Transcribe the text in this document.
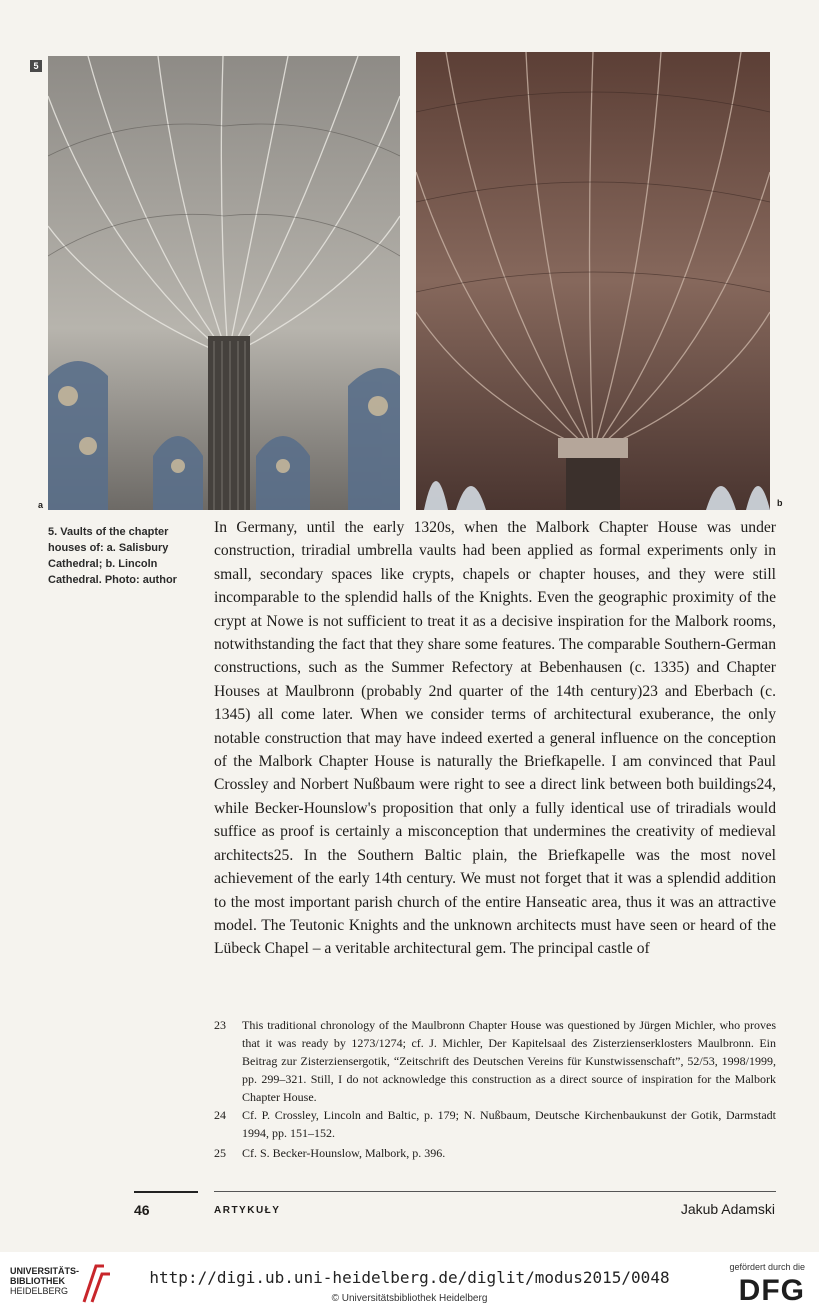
5
a	b
5. Vaults of the chapter houses of: a. Salisbury Cathedral; b. Lincoln Cathedral. Photo: author

In Germany, until the early 1320s, when the Malbork Chapter House was under construction, triradial umbrella vaults had been applied as formal experiments only in small, secondary spaces like crypts, chapels or chapter houses, and they were still incomparable to the splendid halls of the Knights. Even the geographic proximity of the crypt at Nowe is not sufficient to treat it as a decisive inspiration for the Malbork rooms, notwithstanding the fact that they share some features. The comparable Southern-German constructions, such as the Summer Refectory at Bebenhausen (c. 1335) and Chapter Houses at Maulbronn (probably 2nd quarter of the 14th century)23 and Eberbach (c. 1345) all come later. When we consider terms of architectural exuberance, the only notable construction that may have indeed exerted a general influence on the conception of the Malbork Chapter House is naturally the Briefkapelle. I am convinced that Paul Crossley and Norbert Nußbaum were right to see a direct link between both buildings24, while Becker-Hounslow's proposition that only a fully identical use of triradials would suffice as proof is certainly a misconception that undermines the creativity of medieval architects25. In the Southern Baltic plain, the Briefkapelle was the most novel achievement of the early 14th century. We must not forget that it was a splendid addition to the most important parish church of the entire Hanseatic area, thus it was an attractive model. The Teutonic Knights and the unknown architects must have seen or heard of the Lübeck Chapel – a veritable architectural gem. The principal castle of

23	This traditional chronology of the Maulbronn Chapter House was questioned by Jürgen Michler, who proves that it was ready by 1273/1274; cf. J. Michler, Der Kapitelsaal des Zisterzienserklosters Maulbronn. Ein Beitrag zur Zisterziensergotik, “Zeitschrift des Deutschen Vereins für Kunstwissenschaft”, 52/53, 1998/1999, pp. 299–321. Still, I do not acknowledge this construction as a direct source of inspiration for the Malbork Chapter House.
24	Cf. P. Crossley, Lincoln and Baltic, p. 179; N. Nußbaum, Deutsche Kirchenbaukunst der Gotik, Darmstadt 1994, pp. 151–152.
25	Cf. S. Becker-Hounslow, Malbork, p. 396.
46	ARTYKUŁY	Jakub Adamski
UNIVERSITÄTS-
BIBLIOTHEK
HEIDELBERG
http://digi.ub.uni-heidelberg.de/diglit/modus2015/0048
© Universitätsbibliothek Heidelberg
gefördert durch die
DFG
